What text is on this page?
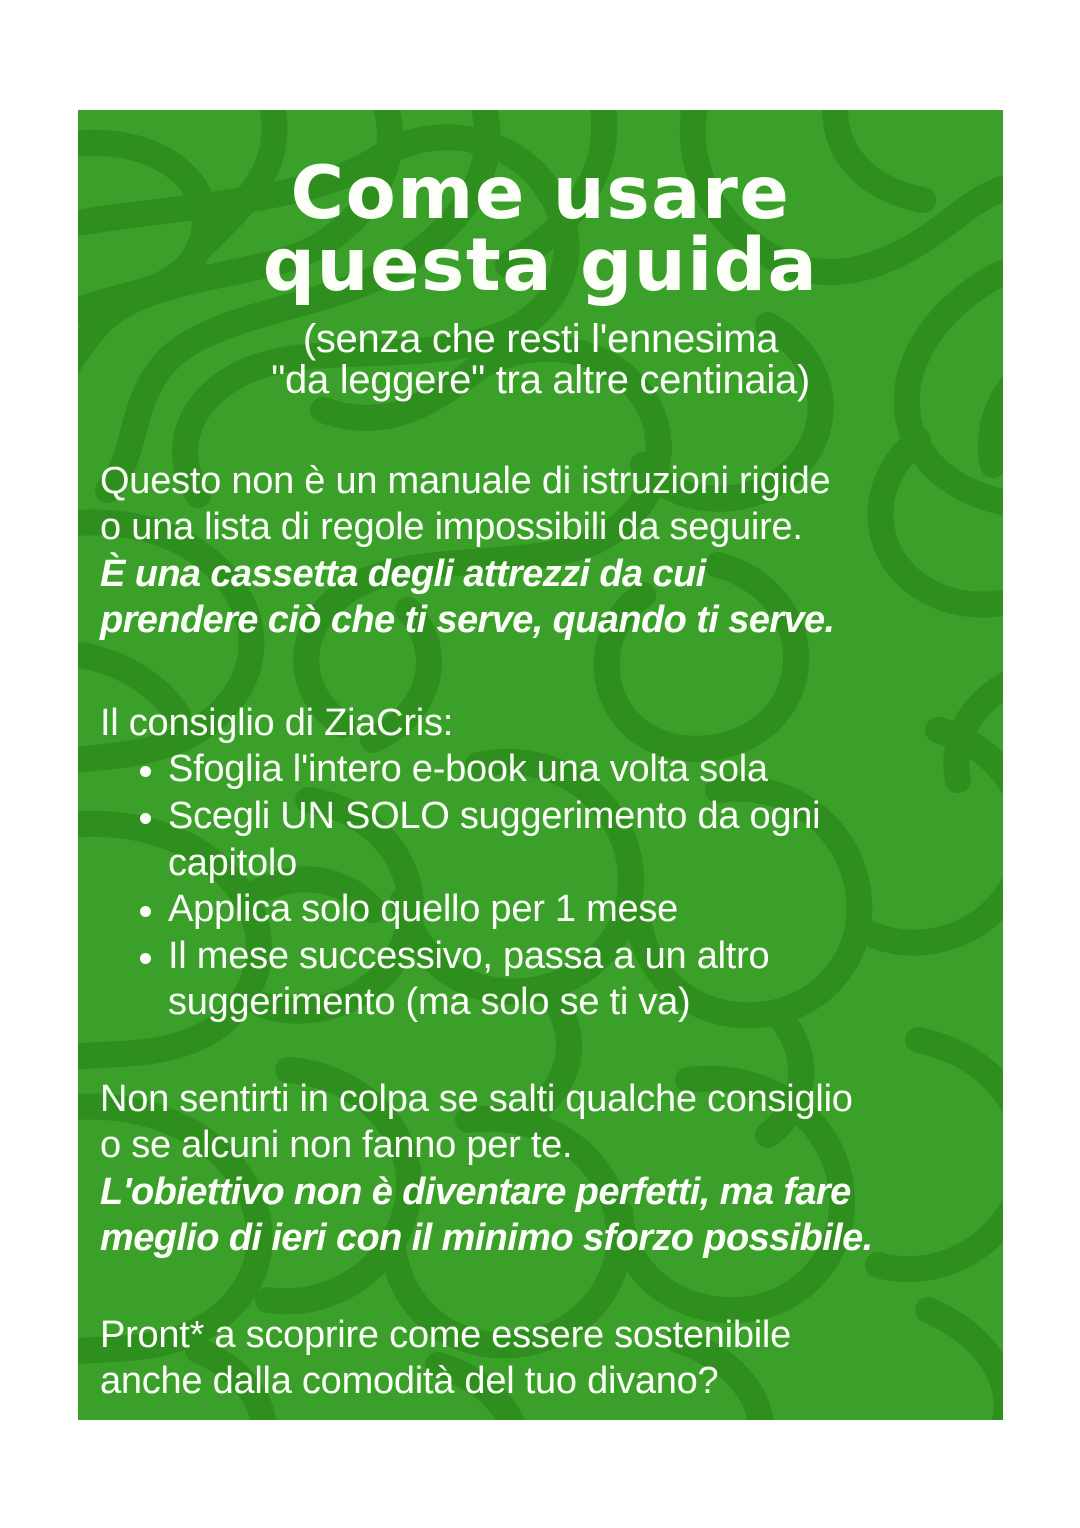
Come usare
questa guida
(senza che resti l'ennesima
"da leggere" tra altre centinaia)
Questo non è un manuale di istruzioni rigide
o una lista di regole impossibili da seguire.
È una cassetta degli attrezzi da cui
prendere ciò che ti serve, quando ti serve.
Il consiglio di ZiaCris:
Sfoglia l'intero e-book una volta sola
Scegli UN SOLO suggerimento da ogni
capitolo
Applica solo quello per 1 mese
Il mese successivo, passa a un altro
suggerimento (ma solo se ti va)
Non sentirti in colpa se salti qualche consiglio
o se alcuni non fanno per te.
L'obiettivo non è diventare perfetti, ma fare
meglio di ieri con il minimo sforzo possibile.
Pront* a scoprire come essere sostenibile
anche dalla comodità del tuo divano?
